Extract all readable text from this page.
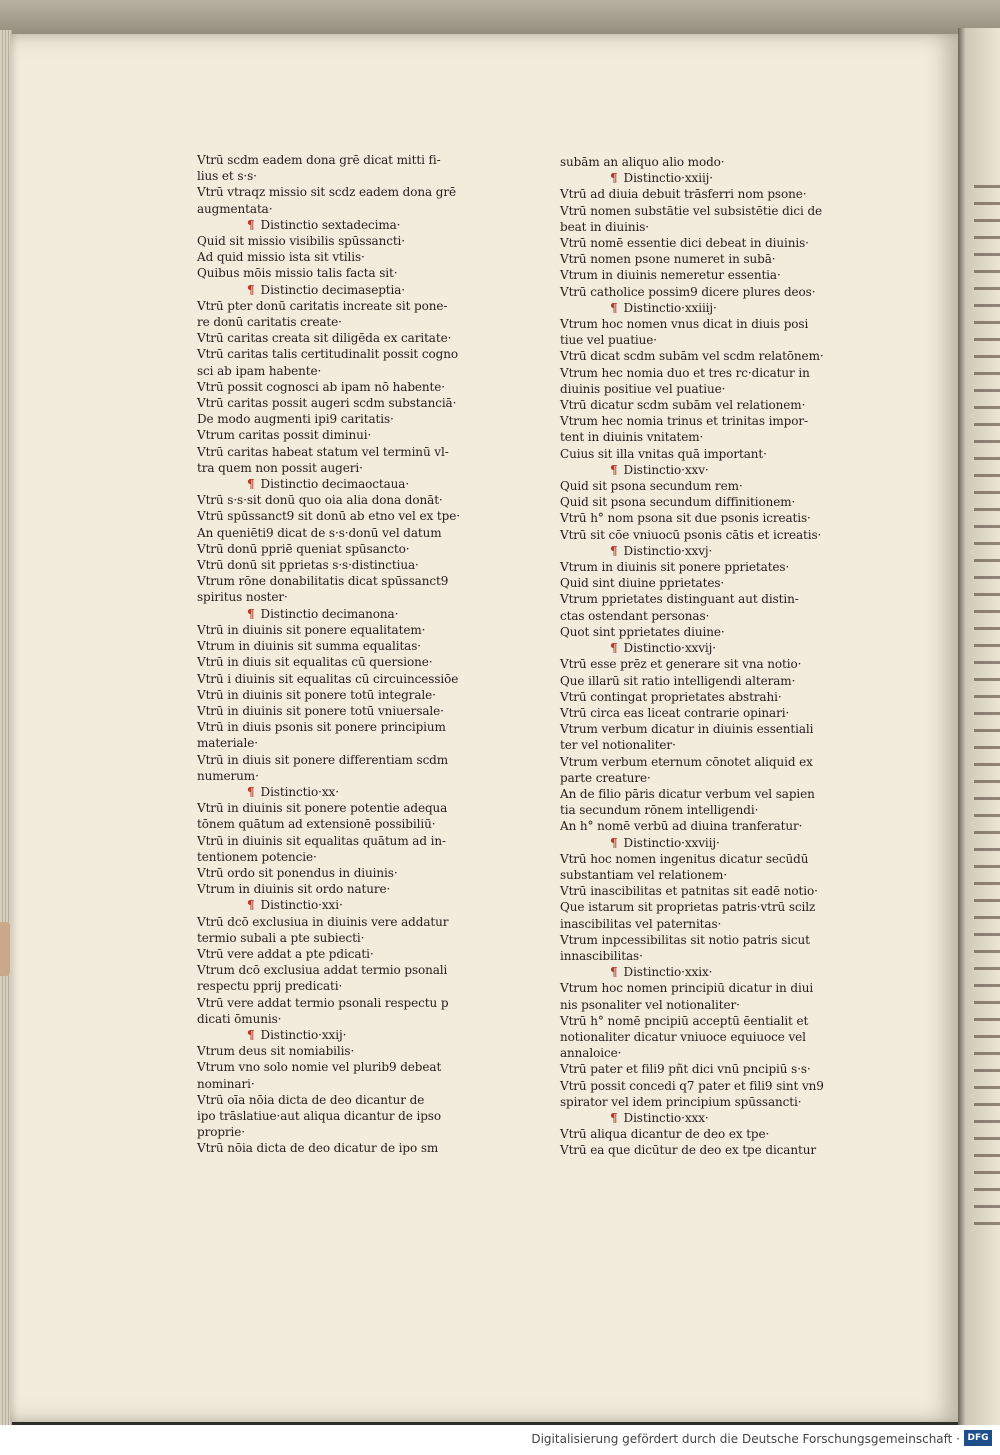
Vtrū scdm eadem dona grē dicat mitti fi-
lius et s·s·
Vtrū vtraqz missio sit scdz eadem dona grē
augmentata·
¶ Distinctio sextadecima·
Quid sit missio visibilis spūssancti·
Ad quid missio ista sit vtilis·
Quibus mōis missio talis facta sit·
¶ Distinctio decimaseptia·
Vtrū pter donū caritatis increate sit pone-
re donū caritatis create·
Vtrū caritas creata sit diligēda ex caritate·
Vtrū caritas talis certitudinalit possit cogno
sci ab ipam habente·
Vtrū possit cognosci ab ipam nō habente·
Vtrū caritas possit augeri scdm substanciā·
De modo augmenti ipi9 caritatis·
Vtrum caritas possit diminui·
Vtrū caritas habeat statum vel terminū vl-
tra quem non possit augeri·
¶ Distinctio decimaoctaua·
Vtrū s·s·sit donū quo oia alia dona donāt·
Vtrū spūssanct9 sit donū ab etno vel ex tpe·
An queniēti9 dicat de s·s·donū vel datum
Vtrū donū ppriē queniat spūsancto·
Vtrū donū sit pprietas s·s·distinctiua·
Vtrum rōne donabilitatis dicat spūssanct9
spiritus noster·
¶ Distinctio decimanona·
Vtrū in diuinis sit ponere equalitatem·
Vtrum in diuinis sit summa equalitas·
Vtrū in diuis sit equalitas cū quersione·
Vtrū i diuinis sit equalitas cū circuincessiōe
Vtrū in diuinis sit ponere totū integrale·
Vtrū in diuinis sit ponere totū vniuersale·
Vtrū in diuis psonis sit ponere principium
materiale·
Vtrū in diuis sit ponere differentiam scdm
numerum·
¶ Distinctio·xx·
Vtrū in diuinis sit ponere potentie adequa
tōnem quātum ad extensionē possibiliū·
Vtrū in diuinis sit equalitas quātum ad in-
tentionem potencie·
Vtrū ordo sit ponendus in diuinis·
Vtrum in diuinis sit ordo nature·
¶ Distinctio·xxi·
Vtrū dcō exclusiua in diuinis vere addatur
termio subali a pte subiecti·
Vtrū vere addat a pte pdicati·
Vtrum dcō exclusiua addat termio psonali
respectu pprij predicati·
Vtrū vere addat termio psonali respectu p
dicati ōmunis·
¶ Distinctio·xxij·
Vtrum deus sit nomiabilis·
Vtrum vno solo nomie vel plurib9 debeat
nominari·
Vtrū oīa nōia dicta de deo dicantur de
ipo trāslatiue·aut aliqua dicantur de ipso
proprie·
Vtrū nōia dicta de deo dicatur de ipo sm
subām an aliquo alio modo·
¶ Distinctio·xxiij·
Vtrū ad diuia debuit trāsferri nom psone·
Vtrū nomen substātie vel subsistētie dici de
beat in diuinis·
Vtrū nomē essentie dici debeat in diuinis·
Vtrū nomen psone numeret in subā·
Vtrum in diuinis nemeretur essentia·
Vtrū catholice possim9 dicere plures deos·
¶ Distinctio·xxiiij·
Vtrum hoc nomen vnus dicat in diuis posi
tiue vel puatiue·
Vtrū dicat scdm subām vel scdm relatōnem·
Vtrum hec nomia duo et tres rc·dicatur in
diuinis positiue vel puatiue·
Vtrū dicatur scdm subām vel relationem·
Vtrum hec nomia trinus et trinitas impor-
tent in diuinis vnitatem·
Cuius sit illa vnitas quā important·
¶ Distinctio·xxv·
Quid sit psona secundum rem·
Quid sit psona secundum diffinitionem·
Vtrū h° nom psona sit due psonis icreatis·
Vtrū sit cōe vniuocū psonis cātis et icreatis·
¶ Distinctio·xxvj·
Vtrum in diuinis sit ponere pprietates·
Quid sint diuine pprietates·
Vtrum pprietates distinguant aut distin-
ctas ostendant personas·
Quot sint pprietates diuine·
¶ Distinctio·xxvij·
Vtrū esse prēz et generare sit vna notio·
Que illarū sit ratio intelligendi alteram·
Vtrū contingat proprietates abstrahi·
Vtrū circa eas liceat contrarie opinari·
Vtrum verbum dicatur in diuinis essentiali
ter vel notionaliter·
Vtrum verbum eternum cōnotet aliquid ex
parte creature·
An de filio pāris dicatur verbum vel sapien
tia secundum rōnem intelligendi·
An h° nomē verbū ad diuina tranferatur·
¶ Distinctio·xxviij·
Vtrū hoc nomen ingenitus dicatur secūdū
substantiam vel relationem·
Vtrū inascibilitas et patnitas sit eadē notio·
Que istarum sit proprietas patris·vtrū scilz
inascibilitas vel paternitas·
Vtrum inpcessibilitas sit notio patris sicut
innascibilitas·
¶ Distinctio·xxix·
Vtrum hoc nomen principiū dicatur in diui
nis psonaliter vel notionaliter·
Vtrū h° nomē pncipiū acceptū ēentialit et
notionaliter dicatur vniuoce equiuoce vel
annaloice·
Vtrū pater et fili9 pñt dici vnū pncipiū s·s·
Vtrū possit concedi q7 pater et fili9 sint vn9
spirator vel idem principium spūssancti·
¶ Distinctio·xxx·
Vtrū aliqua dicantur de deo ex tpe·
Vtrū ea que dicūtur de deo ex tpe dicantur
Digitalisierung gefördert durch die Deutsche Forschungsgemeinschaft · DFG
